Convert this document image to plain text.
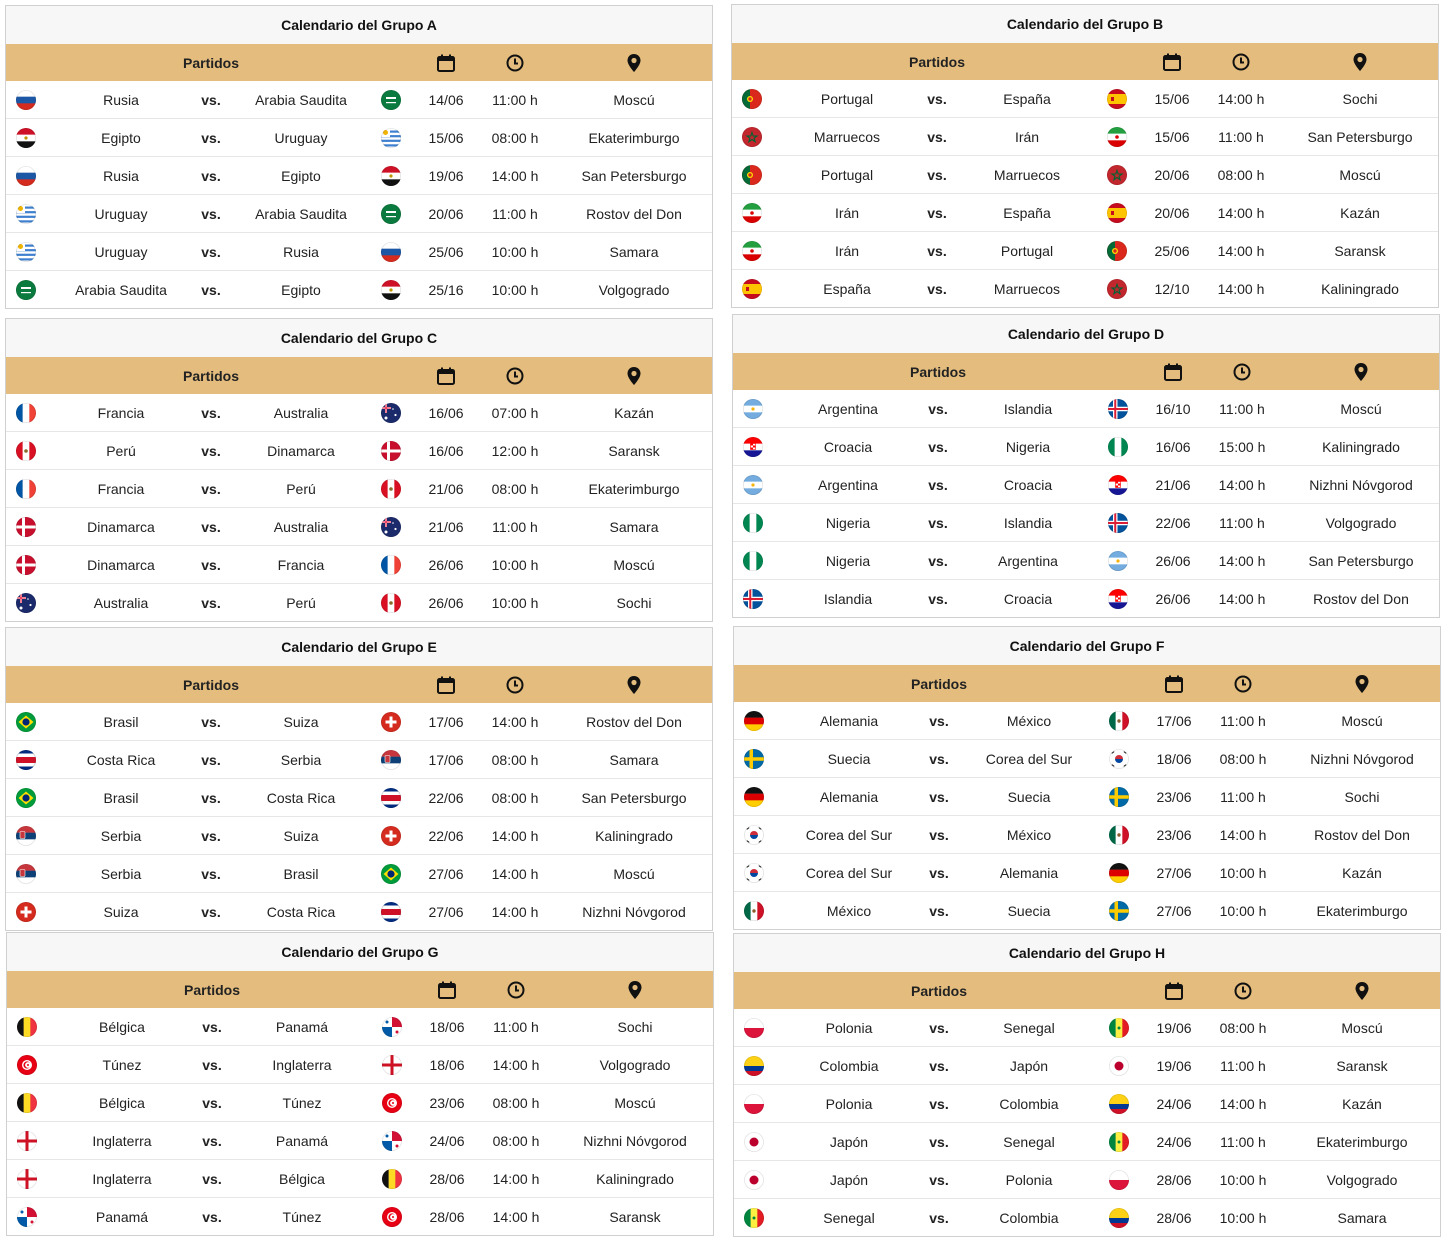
Calendario del Grupo A
Partidos
Rusia	vs. Arabia Saudita	14/06 11:00 h	Moscú
Egipto	vs.	Uruguay	15/06 08:00 h	Ekaterimburgo
Rusia	vs.	Egipto	19/06 14:00 h	San Petersburgo
Uruguay	vs. Arabia Saudita	20/06 11:00 h	Rostov del Don
Uruguay	vs.	Rusia	25/06 10:00 h	Samara
Arabia Saudita vs.	Egipto	25/16 10:00 h	Volgogrado
Calendario del Grupo B
Partidos
Portugal	vs.	España	15/06 14:00 h	Sochi
Marruecos	vs.	Irán	15/06 11:00 h	San Petersburgo
Portugal	vs.	Marruecos	20/06 08:00 h	Moscú
Irán	vs.	España	20/06 14:00 h	Kazán
Irán	vs.	Portugal	25/06 14:00 h	Saransk
España	vs.	Marruecos	12/10 14:00 h	Kaliningrado
Calendario del Grupo C
Partidos
Francia	vs.	Australia	16/06 07:00 h	Kazán
Perú	vs.	Dinamarca	16/06 12:00 h	Saransk
Francia	vs.	Perú	21/06 08:00 h	Ekaterimburgo
Dinamarca	vs.	Australia	21/06 11:00 h	Samara
Dinamarca	vs.	Francia	26/06 10:00 h	Moscú
Australia	vs.	Perú	26/06 10:00 h	Sochi
Calendario del Grupo D
Partidos
Argentina	vs.	Islandia	16/10 11:00 h	Moscú
Croacia	vs.	Nigeria	16/06 15:00 h	Kaliningrado
Argentina	vs.	Croacia	21/06 14:00 h	Nizhni Nóvgorod
Nigeria	vs.	Islandia	22/06 11:00 h	Volgogrado
Nigeria	vs.	Argentina	26/06 14:00 h	San Petersburgo
Islandia	vs.	Croacia	26/06 14:00 h	Rostov del Don
Calendario del Grupo E
Partidos
Brasil	vs.	Suiza	17/06 14:00 h	Rostov del Don
Costa Rica	vs.	Serbia	17/06 08:00 h	Samara
Brasil	vs.	Costa Rica	22/06 08:00 h	San Petersburgo
Serbia	vs.	Suiza	22/06 14:00 h	Kaliningrado
Serbia	vs.	Brasil	27/06 14:00 h	Moscú
Suiza	vs.	Costa Rica	27/06 14:00 h	Nizhni Nóvgorod
Calendario del Grupo F
Partidos
Alemania	vs.	México	17/06 11:00 h	Moscú
Suecia	vs.	Corea del Sur	18/06 08:00 h	Nizhni Nóvgorod
Alemania	vs.	Suecia	23/06 11:00 h	Sochi
Corea del Sur	vs.	México	23/06 14:00 h	Rostov del Don
Corea del Sur	vs.	Alemania	27/06 10:00 h	Kazán
México	vs.	Suecia	27/06 10:00 h	Ekaterimburgo
Calendario del Grupo G
Partidos
Bélgica	vs.	Panamá	18/06 11:00 h	Sochi
Túnez	vs.	Inglaterra	18/06 14:00 h	Volgogrado
Bélgica	vs.	Túnez	23/06 08:00 h	Moscú
Inglaterra	vs.	Panamá	24/06 08:00 h	Nizhni Nóvgorod
Inglaterra	vs.	Bélgica	28/06 14:00 h	Kaliningrado
Panamá	vs.	Túnez	28/06 14:00 h	Saransk
Calendario del Grupo H
Partidos
Polonia	vs.	Senegal	19/06 08:00 h	Moscú
Colombia	vs.	Japón	19/06 11:00 h	Saransk
Polonia	vs.	Colombia	24/06 14:00 h	Kazán
Japón	vs.	Senegal	24/06 11:00 h	Ekaterimburgo
Japón	vs.	Polonia	28/06 10:00 h	Volgogrado
Senegal	vs.	Colombia	28/06 10:00 h	Samara
